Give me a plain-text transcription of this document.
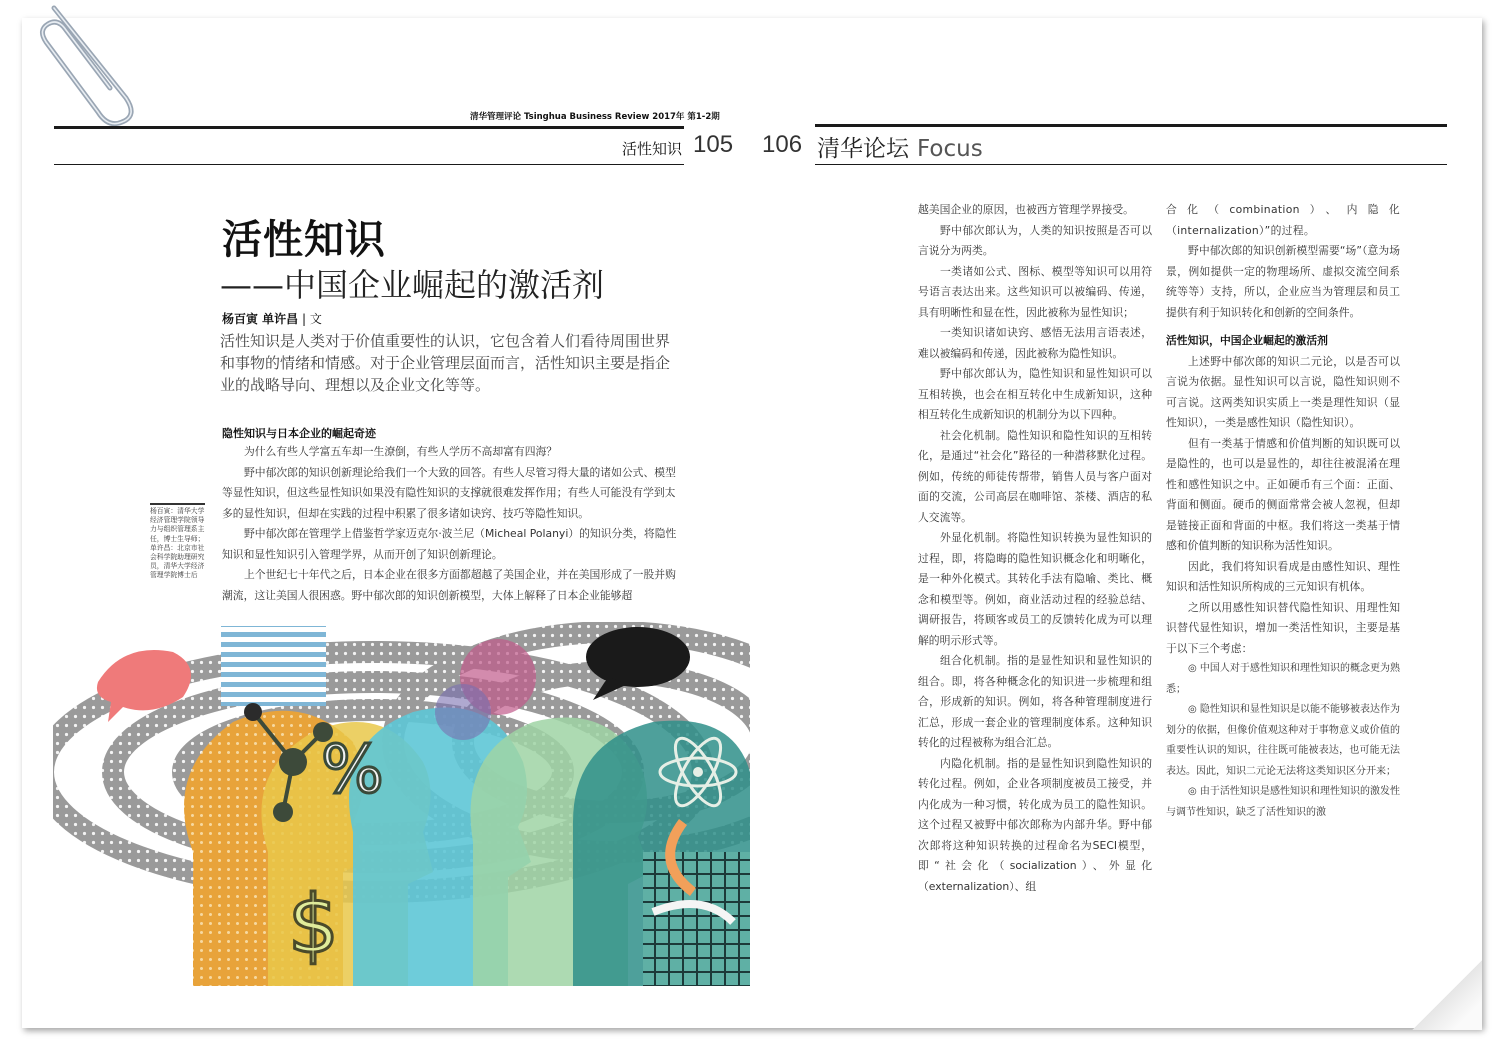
清华管理评论 Tsinghua Business Review 2017年 第1-2期
活性知识 105 106 清华论坛 Focus
活性知识
——中国企业崛起的激活剂
杨百寅 单许昌 | 文
活性知识是人类对于价值重要性的认识，它包含着人们看待周围世界和事物的情绪和情感。对于企业管理层面而言，活性知识主要是指企业的战略导向、理想以及企业文化等等。
隐性知识与日本企业的崛起奇迹

为什么有些人学富五车却一生潦倒，有些人学历不高却富有四海？

野中郁次郎的知识创新理论给我们一个大致的回答。有些人尽管习得大量的诸如公式、模型等显性知识，但这些显性知识如果没有隐性知识的支撑就很难发挥作用；有些人可能没有学到太多的显性知识，但却在实践的过程中积累了很多诸如诀窍、技巧等隐性知识。

野中郁次郎在管理学上借鉴哲学家迈克尔·波兰尼（Micheal Polanyi）的知识分类，将隐性知识和显性知识引入管理学界，从而开创了知识创新理论。

上个世纪七十年代之后，日本企业在很多方面都超越了美国企业，并在美国形成了一股并购潮流，这让美国人很困惑。野中郁次郎的知识创新模型，大体上解释了日本企业能够超

杨百寅：清华大学经济管理学院领导力与组织管理系主任，博士生导师；单许昌：北京市社会科学院助理研究员，清华大学经济管理学院博士后
%
$

越美国企业的原因，也被西方管理学界接受。

野中郁次郎认为，人类的知识按照是否可以言说分为两类。

一类诸如公式、图标、模型等知识可以用符号语言表达出来。这些知识可以被编码、传递，具有明晰性和显在性，因此被称为显性知识；

一类知识诸如诀窍、感悟无法用言语表述，难以被编码和传递，因此被称为隐性知识。

野中郁次郎认为，隐性知识和显性知识可以互相转换，也会在相互转化中生成新知识，这种相互转化生成新知识的机制分为以下四种。

社会化机制。隐性知识和隐性知识的互相转化，是通过“社会化”路径的一种潜移默化过程。例如，传统的师徒传帮带，销售人员与客户面对面的交流，公司高层在咖啡馆、茶楼、酒店的私人交流等。

外显化机制。将隐性知识转换为显性知识的过程，即，将隐晦的隐性知识概念化和明晰化，是一种外化模式。其转化手法有隐喻、类比、概念和模型等。例如，商业活动过程的经验总结、调研报告，将顾客或员工的反馈转化成为可以理解的明示形式等。

组合化机制。指的是显性知识和显性知识的组合。即，将各种概念化的知识进一步梳理和组合，形成新的知识。例如，将各种管理制度进行汇总，形成一套企业的管理制度体系。这种知识转化的过程被称为组合汇总。

内隐化机制。指的是显性知识到隐性知识的转化过程。例如，企业各项制度被员工接受，并内化成为一种习惯，转化成为员工的隐性知识。这个过程又被野中郁次郎称为内部升华。野中郁次郎将这种知识转换的过程命名为SECI模型，即“社会化（socialization）、外显化（externalization）、组

合化（combination）、内隐化（internalization）”的过程。

野中郁次郎的知识创新模型需要“场”（意为场景，例如提供一定的物理场所、虚拟交流空间系统等等）支持，所以，企业应当为管理层和员工提供有利于知识转化和创新的空间条件。

活性知识，中国企业崛起的激活剂

上述野中郁次郎的知识二元论，以是否可以言说为依据。显性知识可以言说，隐性知识则不可言说。这两类知识实质上一类是理性知识（显性知识），一类是感性知识（隐性知识）。

但有一类基于情感和价值判断的知识既可以是隐性的，也可以是显性的，却往往被混淆在理性和感性知识之中。正如硬币有三个面：正面、背面和侧面。硬币的侧面常常会被人忽视，但却是链接正面和背面的中枢。我们将这一类基于情感和价值判断的知识称为活性知识。

因此，我们将知识看成是由感性知识、理性知识和活性知识所构成的三元知识有机体。

之所以用感性知识替代隐性知识、用理性知识替代显性知识，增加一类活性知识，主要是基于以下三个考虑：

◎ 中国人对于感性知识和理性知识的概念更为熟悉；

◎ 隐性知识和显性知识是以能不能够被表达作为划分的依据，但像价值观这种对于事物意义或价值的重要性认识的知识，往往既可能被表达，也可能无法表达。因此，知识二元论无法将这类知识区分开来；

◎ 由于活性知识是感性知识和理性知识的激发性与调节性知识，缺乏了活性知识的激
